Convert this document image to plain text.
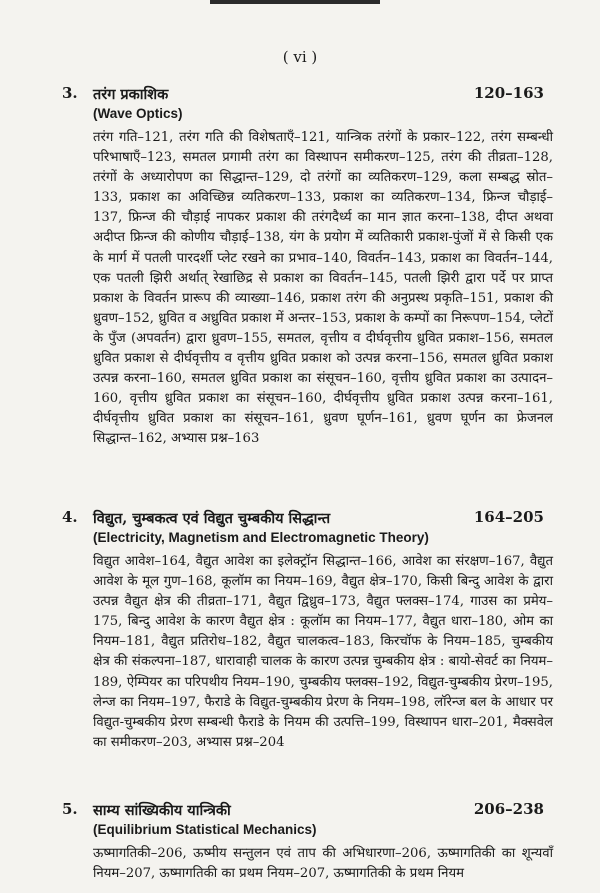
( vi )
3. तरंग प्रकाशिक	120–163
(Wave Optics)

तरंग गति–121, तरंग गति की विशेषताएँ–121, यान्त्रिक तरंगों के प्रकार–122, तरंग सम्बन्धी परिभाषाएँ–123, समतल प्रगामी तरंग का विस्थापन समीकरण–125, तरंग की तीव्रता–128, तरंगों के अध्यारोपण का सिद्धान्त–129, दो तरंगों का व्यतिकरण–129, कला सम्बद्ध स्रोत–133, प्रकाश का अविच्छिन्न व्यतिकरण–133, प्रकाश का व्यतिकरण–134, फ्रिन्ज चौड़ाई–137, फ्रिन्ज की चौड़ाई नापकर प्रकाश की तरंगदैर्ध्य का मान ज्ञात करना–138, दीप्त अथवा अदीप्त फ्रिन्ज की कोणीय चौड़ाई–138, यंग के प्रयोग में व्यतिकारी प्रकाश-पुंजों में से किसी एक के मार्ग में पतली पारदर्शी प्लेट रखने का प्रभाव–140, विवर्तन–143, प्रकाश का विवर्तन–144, एक पतली झिरी अर्थात् रेखाछिद्र से प्रकाश का विवर्तन–145, पतली झिरी द्वारा पर्दे पर प्राप्त प्रकाश के विवर्तन प्रारूप की व्याख्या–146, प्रकाश तरंग की अनुप्रस्थ प्रकृति–151, प्रकाश की ध्रुवण–152, ध्रुवित व अध्रुवित प्रकाश में अन्तर–153, प्रकाश के कम्पों का निरूपण–154, प्लेटों के पुँज (अपवर्तन) द्वारा ध्रुवण–155, समतल, वृत्तीय व दीर्घवृत्तीय ध्रुवित प्रकाश–156, समतल ध्रुवित प्रकाश से दीर्घवृत्तीय व वृत्तीय ध्रुवित प्रकाश को उत्पन्न करना–156, समतल ध्रुवित प्रकाश उत्पन्न करना–160, समतल ध्रुवित प्रकाश का संसूचन–160, वृत्तीय ध्रुवित प्रकाश का उत्पादन–160, वृत्तीय ध्रुवित प्रकाश का संसूचन–160, दीर्घवृत्तीय ध्रुवित प्रकाश उत्पन्न करना–161, दीर्घवृत्तीय ध्रुवित प्रकाश का संसूचन–161, ध्रुवण घूर्णन–161, ध्रुवण घूर्णन का फ्रेजनल सिद्धान्त–162, अभ्यास प्रश्न–163

4. विद्युत, चुम्बकत्व एवं विद्युत चुम्बकीय सिद्धान्त	164–205
(Electricity, Magnetism and Electromagnetic Theory)

विद्युत आवेश–164, वैद्युत आवेश का इलेक्ट्रॉन सिद्धान्त–166, आवेश का संरक्षण–167, वैद्युत आवेश के मूल गुण–168, कूलॉम का नियम–169, वैद्युत क्षेत्र–170, किसी बिन्दु आवेश के द्वारा उत्पन्न वैद्युत क्षेत्र की तीव्रता–171, वैद्युत द्विध्रुव–173, वैद्युत फ्लक्स–174, गाउस का प्रमेय–175, बिन्दु आवेश के कारण वैद्युत क्षेत्र : कूलॉम का नियम–177, वैद्युत धारा–180, ओम का नियम–181, वैद्युत प्रतिरोध–182, वैद्युत चालकत्व–183, किरचॉफ के नियम–185, चुम्बकीय क्षेत्र की संकल्पना–187, धारावाही चालक के कारण उत्पन्न चुम्बकीय क्षेत्र : बायो-सेवर्ट का नियम–189, ऐम्पियर का परिपथीय नियम–190, चुम्बकीय फ्लक्स–192, विद्युत-चुम्बकीय प्रेरण–195, लेन्ज का नियम–197, फैराडे के विद्युत-चुम्बकीय प्रेरण के नियम–198, लॉरेन्ज बल के आधार पर विद्युत-चुम्बकीय प्रेरण सम्बन्धी फैराडे के नियम की उत्पत्ति–199, विस्थापन धारा–201, मैक्सवेल का समीकरण–203, अभ्यास प्रश्न–204

5. साम्य सांख्यिकीय यान्त्रिकी	206–238
(Equilibrium Statistical Mechanics)

ऊष्मागतिकी–206, ऊष्मीय सन्तुलन एवं ताप की अभिधारणा–206, ऊष्मागतिकी का शून्यवाँ नियम–207, ऊष्मागतिकी का प्रथम नियम–207, ऊष्मागतिकी के प्रथम नियम
